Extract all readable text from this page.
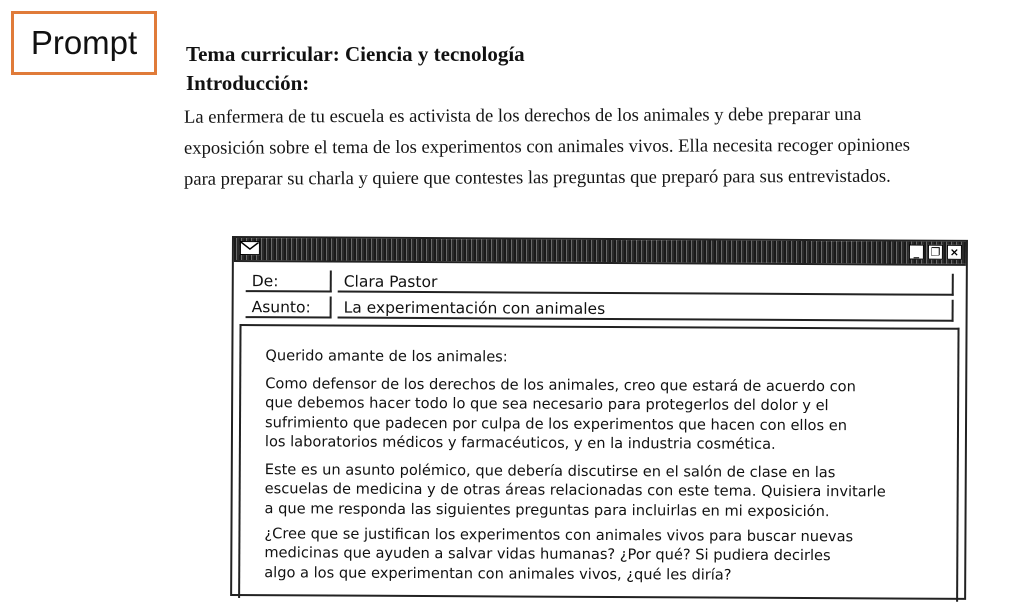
Prompt Tema curricular: Ciencia y tecnología
Introducción:
La enfermera de tu escuela es activista de los derechos de los animales y debe preparar una
exposición sobre el tema de los experimentos con animales vivos. Ella necesita recoger opiniones
para preparar su charla y quiere que contestes las preguntas que preparó para sus entrevistados.
_	❐ ×
De:	Clara Pastor
Asunto:	La experimentación con animales
Querido amante de los animales:
Como defensor de los derechos de los animales, creo que estará de acuerdo con
que debemos hacer todo lo que sea necesario para protegerlos del dolor y el
sufrimiento que padecen por culpa de los experimentos que hacen con ellos en
los laboratorios médicos y farmacéuticos, y en la industria cosmética.
Este es un asunto polémico, que debería discutirse en el salón de clase en las
escuelas de medicina y de otras áreas relacionadas con este tema. Quisiera invitarle
a que me responda las siguientes preguntas para incluirlas en mi exposición.
¿Cree que se justifican los experimentos con animales vivos para buscar nuevas
medicinas que ayuden a salvar vidas humanas? ¿Por qué? Si pudiera decirles
algo a los que experimentan con animales vivos, ¿qué les diría?
